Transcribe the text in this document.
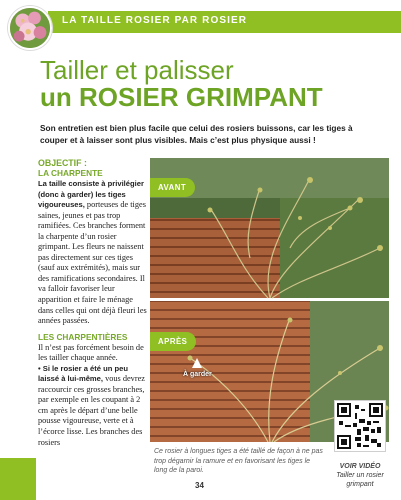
LA TAILLE ROSIER PAR ROSIER
Tailler et palisser
un ROSIER GRIMPANT

Son entretien est bien plus facile que celui des rosiers buissons, car les tiges à couper et à laisser sont plus visibles. Mais c’est plus physique aussi !

OBJECTIF :
LA CHARPENTE

La taille consiste à privilégier (donc à garder) les tiges vigoureuses, porteuses de tiges saines, jeunes et pas trop ramifiées. Ces branches forment la charpente d’un rosier grimpant. Les fleurs ne naissent pas directement sur ces tiges (sauf aux extrémités), mais sur des ramifications secondaires. Il va falloir favoriser leur apparition et faire le ménage dans celles qui ont déjà fleuri les années passées.

LES CHARPENTIÈRES

Il n’est pas forcément besoin de les tailler chaque année.
• Si le rosier a été un peu laissé à lui-même, vous devrez raccourcir ces grosses branches, par exemple en les coupant à 2 cm après le départ d’une belle pousse vigoureuse, verte et à l’écorce lisse. Les branches des rosiers

AVANT
APRÈS
À garder

Ce rosier à longues tiges a été taillé de façon à ne pas trop dégarnir la ramure et en favorisant les tiges le long de la paroi.

VOIR VIDÉO
Tailler un rosier grimpant
34
